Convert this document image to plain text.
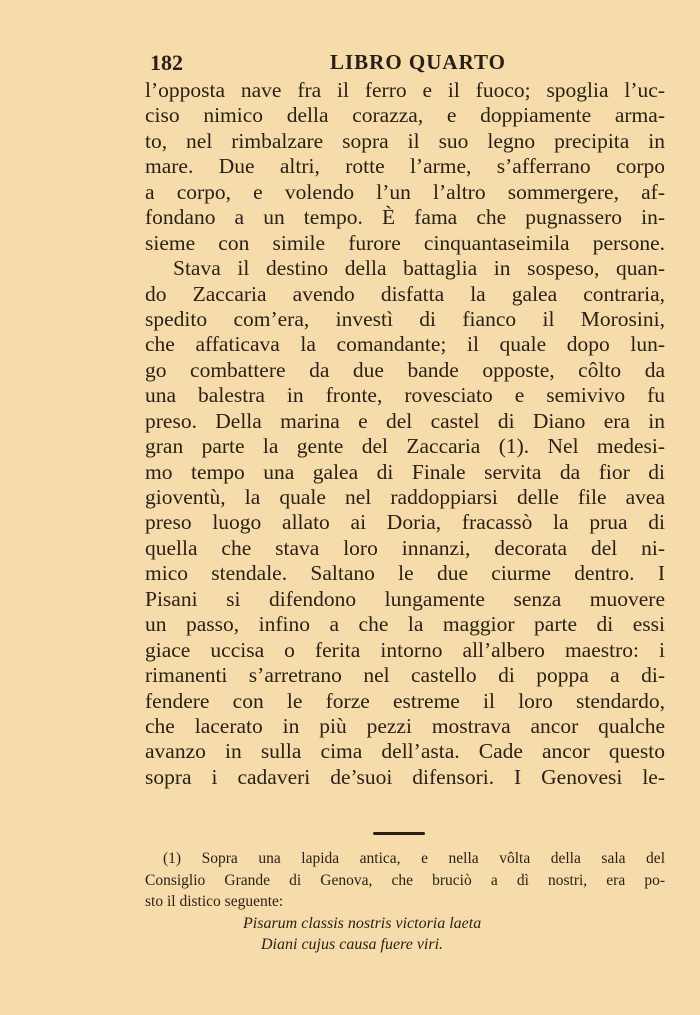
182	LIBRO QUARTO
l’opposta nave fra il ferro e il fuoco; spoglia l’uc-
ciso nimico della corazza, e doppiamente arma-
to, nel rimbalzare sopra il suo legno precipita in
mare. Due altri, rotte l’arme, s’afferrano corpo
a corpo, e volendo l’un l’altro sommergere, af-
fondano a un tempo. È fama che pugnassero in-
sieme con simile furore cinquantaseimila persone.
Stava il destino della battaglia in sospeso, quan-
do Zaccaria avendo disfatta la galea contraria,
spedito com’era, investì di fianco il Morosini,
che affaticava la comandante; il quale dopo lun-
go combattere da due bande opposte, côlto da
una balestra in fronte, rovesciato e semivivo fu
preso. Della marina e del castel di Diano era in
gran parte la gente del Zaccaria (1). Nel medesi-
mo tempo una galea di Finale servita da fior di
gioventù, la quale nel raddoppiarsi delle file avea
preso luogo allato ai Doria, fracassò la prua di
quella che stava loro innanzi, decorata del ni-
mico stendale. Saltano le due ciurme dentro. I
Pisani si difendono lungamente senza muovere
un passo, infino a che la maggior parte di essi
giace uccisa o ferita intorno all’albero maestro: i
rimanenti s’arretrano nel castello di poppa a di-
fendere con le forze estreme il loro stendardo,
che lacerato in più pezzi mostrava ancor qualche
avanzo in sulla cima dell’asta. Cade ancor questo
sopra i cadaveri de’suoi difensori. I Genovesi le-
(1) Sopra una lapida antica, e nella vôlta della sala del
Consiglio Grande di Genova, che bruciò a dì nostri, era po-
sto il distico seguente:
Pisarum classis nostris victoria laeta
Diani cujus causa fuere viri.
